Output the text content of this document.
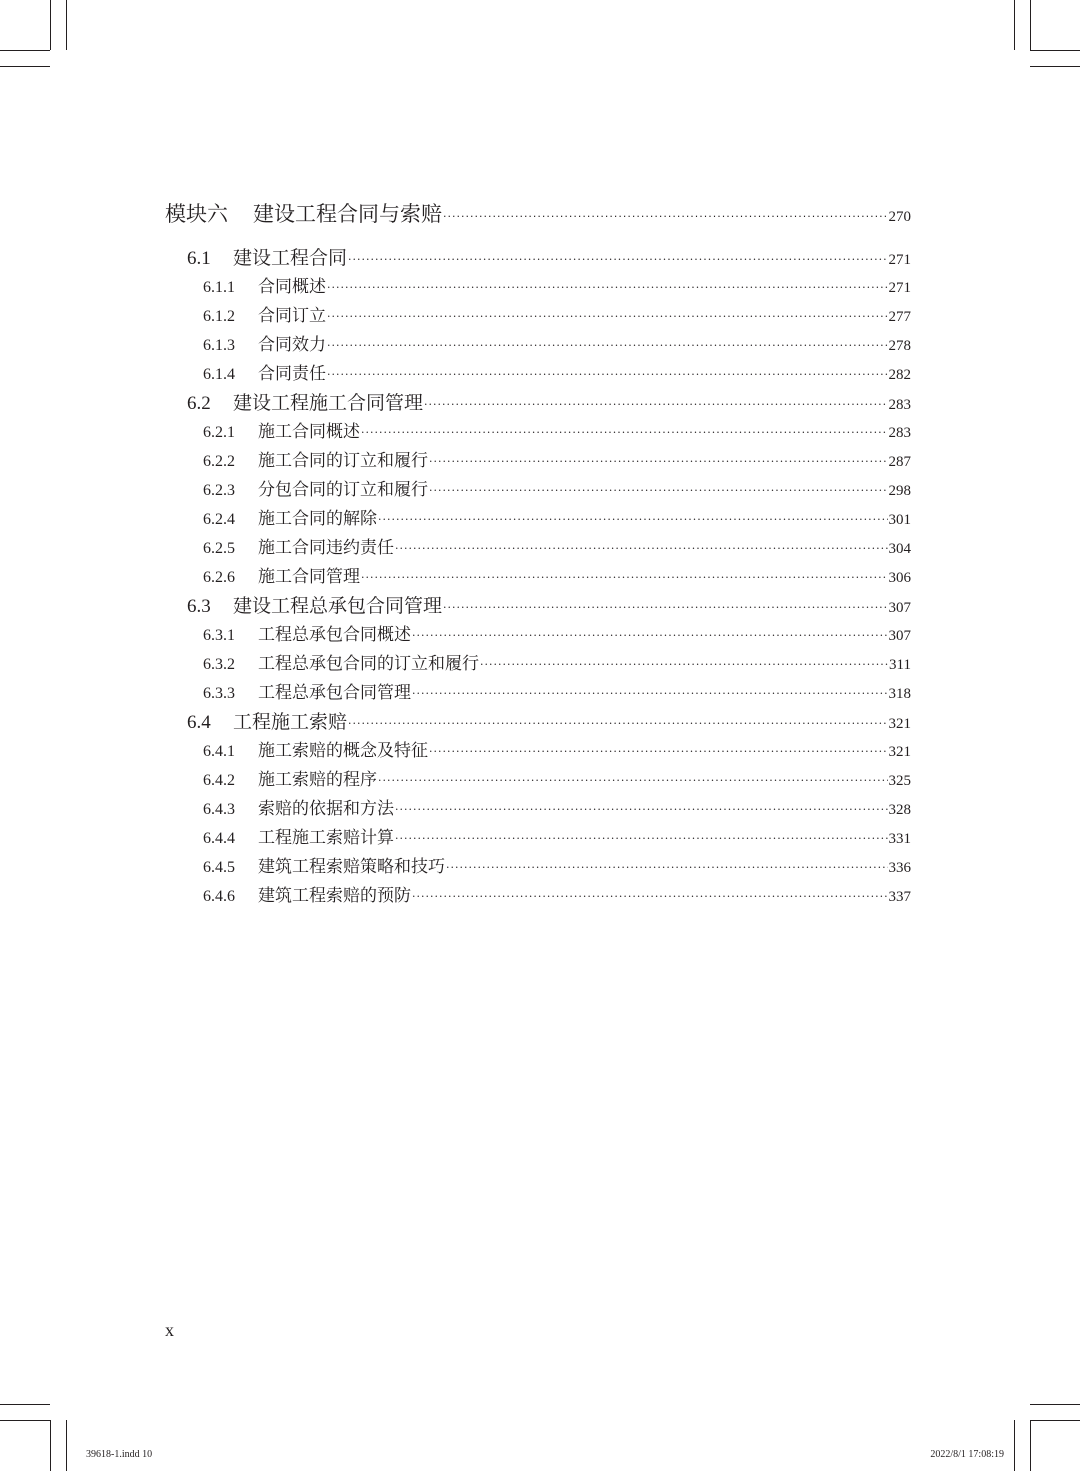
模块六	建设工程合同与索赔 ·····	270
6.1	建设工程合同 ·····	271
6.1.1	合同概述 ·····	271
6.1.2	合同订立 ·····	277
6.1.3	合同效力 ·····	278
6.1.4	合同责任 ·····	282
6.2	建设工程施工合同管理 ·····	283
6.2.1	施工合同概述 ·····	283
6.2.2	施工合同的订立和履行 ·····	287
6.2.3	分包合同的订立和履行 ·····	298
6.2.4	施工合同的解除 ·····	301
6.2.5	施工合同违约责任 ·····	304
6.2.6	施工合同管理 ·····	306
6.3	建设工程总承包合同管理 ·····	307
6.3.1	工程总承包合同概述 ·····	307
6.3.2	工程总承包合同的订立和履行 ·····	311
6.3.3	工程总承包合同管理 ·····	318
6.4	工程施工索赔 ·····	321
6.4.1	施工索赔的概念及特征 ·····	321
6.4.2	施工索赔的程序 ·····	325
6.4.3	索赔的依据和方法 ·····	328
6.4.4	工程施工索赔计算 ·····	331
6.4.5	建筑工程索赔策略和技巧 ·····	336
6.4.6	建筑工程索赔的预防 ·····	337
x
39618-1.indd 10	2022/8/1 17:08:19
